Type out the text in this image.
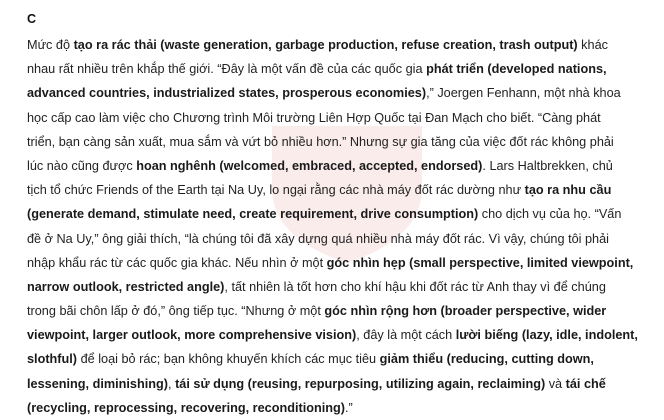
C
Mức độ tạo ra rác thải (waste generation, garbage production, refuse creation, trash output) khác
nhau rất nhiều trên khắp thế giới. “Đây là một vấn đề của các quốc gia phát triển (developed nations,
advanced countries, industrialized states, prosperous economies),” Joergen Fenhann, một nhà khoa
học cấp cao làm việc cho Chương trình Môi trường Liên Hợp Quốc tại Đan Mạch cho biết. “Càng phát
triển, bạn càng sản xuất, mua sắm và vứt bỏ nhiều hơn.” Nhưng sự gia tăng của việc đốt rác không phải
lúc nào cũng được hoan nghênh (welcomed, embraced, accepted, endorsed). Lars Haltbrekken, chủ
tịch tổ chức Friends of the Earth tại Na Uy, lo ngại rằng các nhà máy đốt rác dường như tạo ra nhu cầu
(generate demand, stimulate need, create requirement, drive consumption) cho dịch vụ của họ. “Vấn
đề ở Na Uy,” ông giải thích, “là chúng tôi đã xây dựng quá nhiều nhà máy đốt rác. Vì vậy, chúng tôi phải
nhập khẩu rác từ các quốc gia khác. Nếu nhìn ở một góc nhìn hẹp (small perspective, limited viewpoint,
narrow outlook, restricted angle), tất nhiên là tốt hơn cho khí hậu khi đốt rác từ Anh thay vì để chúng
trong bãi chôn lấp ở đó,” ông tiếp tục. “Nhưng ở một góc nhìn rộng hơn (broader perspective, wider
viewpoint, larger outlook, more comprehensive vision), đây là một cách lười biếng (lazy, idle, indolent,
slothful) để loại bỏ rác; bạn không khuyến khích các mục tiêu giảm thiểu (reducing, cutting down,
lessening, diminishing), tái sử dụng (reusing, repurposing, utilizing again, reclaiming) và tái chế
(recycling, reprocessing, recovering, reconditioning).”
